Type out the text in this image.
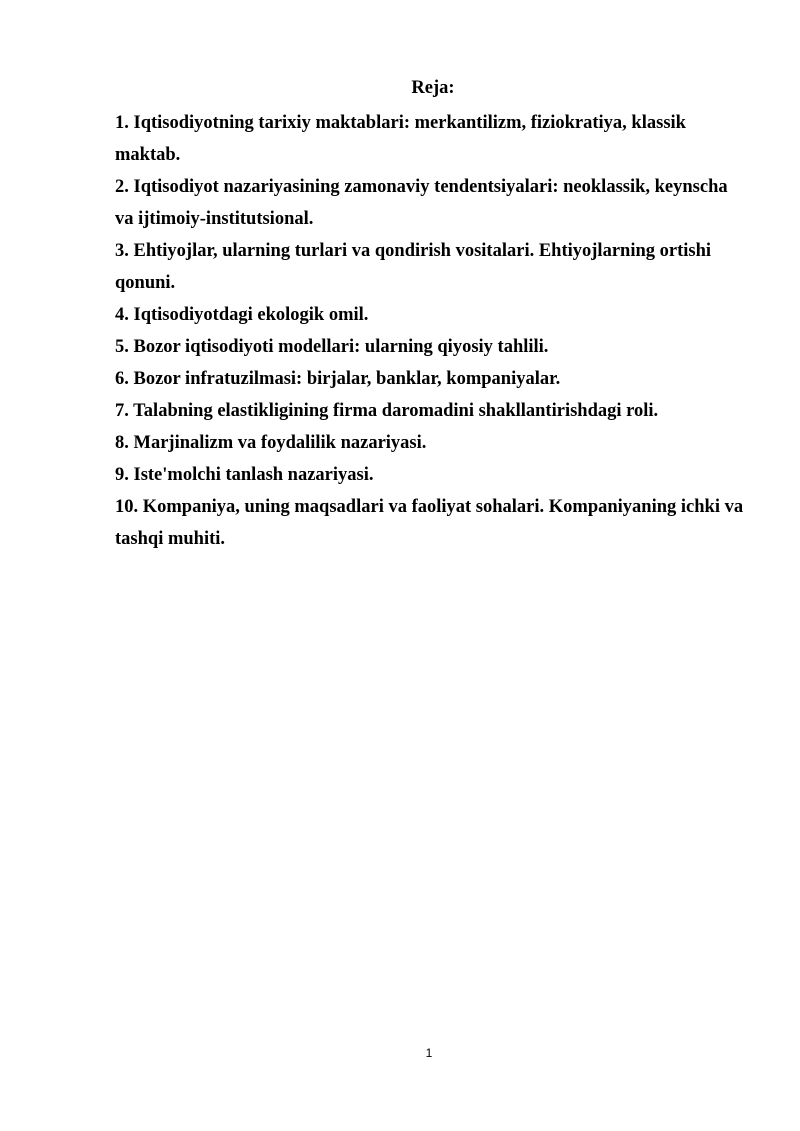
Reja:
1. Iqtisodiyotning tarixiy maktablari: merkantilizm, fiziokratiya, klassik maktab.
2. Iqtisodiyot nazariyasining zamonaviy tendentsiyalari: neoklassik, keynscha va ijtimoiy-institutsional.
3. Ehtiyojlar, ularning turlari va qondirish vositalari. Ehtiyojlarning ortishi qonuni.
4. Iqtisodiyotdagi ekologik omil.
5. Bozor iqtisodiyoti modellari: ularning qiyosiy tahlili.
6. Bozor infratuzilmasi: birjalar, banklar, kompaniyalar.
7. Talabning elastikligining firma daromadini shakllantirishdagi roli.
8. Marjinalizm va foydalilik nazariyasi.
9. Iste'molchi tanlash nazariyasi.
10. Kompaniya, uning maqsadlari va faoliyat sohalari. Kompaniyaning ichki va tashqi muhiti.
1
